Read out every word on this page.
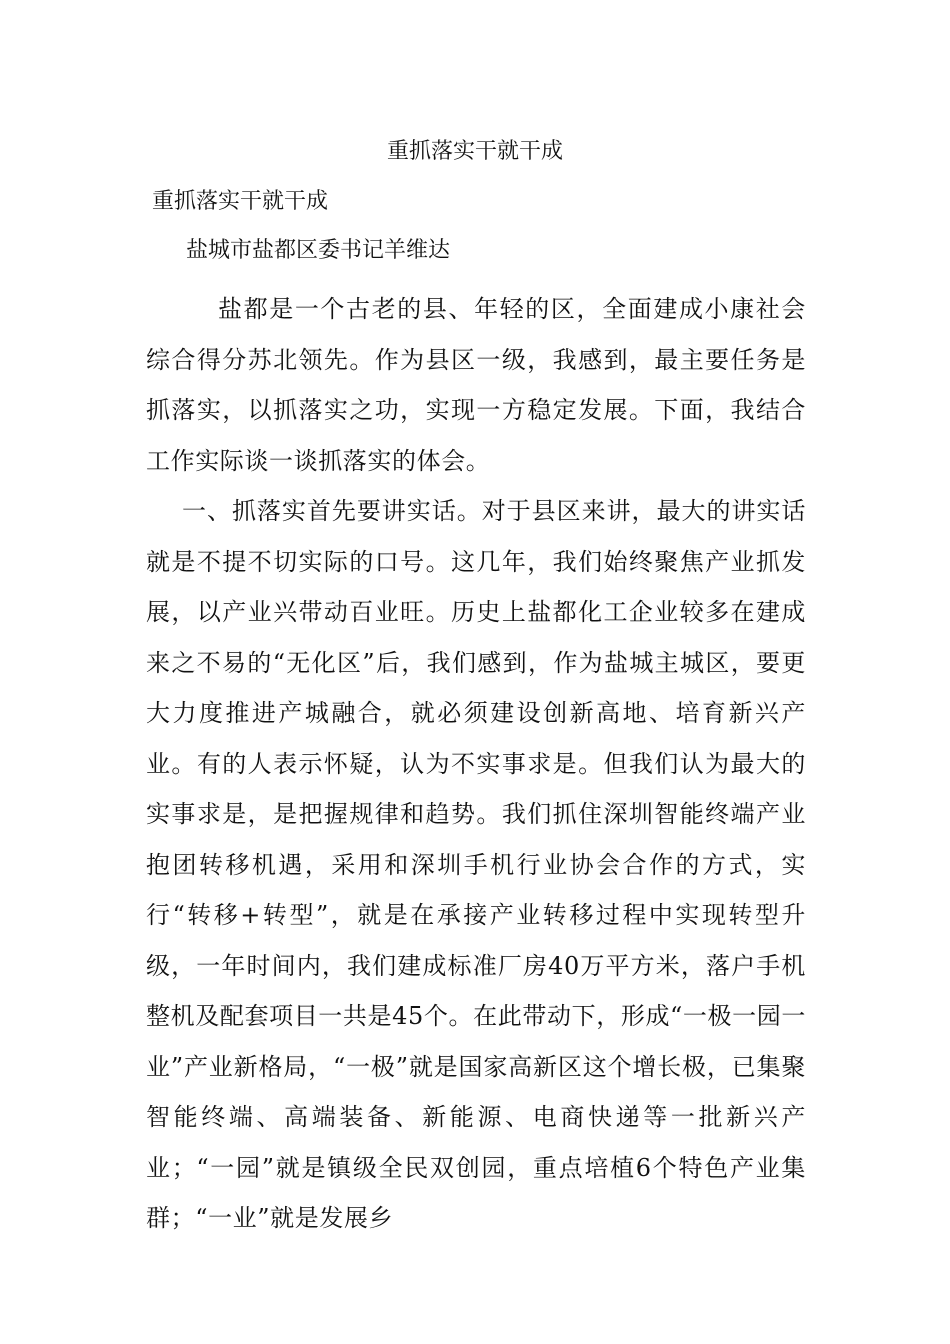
重抓落实干就干成
重抓落实干就干成

盐城市盐都区委书记羊维达

盐都是一个古老的县、年轻的区，全面建成小康社会综合得分苏北领先。作为县区一级，我感到，最主要任务是抓落实，以抓落实之功，实现一方稳定发展。下面，我结合工作实际谈一谈抓落实的体会。

一、抓落实首先要讲实话。对于县区来讲，最大的讲实话就是不提不切实际的口号。这几年，我们始终聚焦产业抓发展，以产业兴带动百业旺。历史上盐都化工企业较多在建成来之不易的“无化区”后，我们感到，作为盐城主城区，要更大力度推进产城融合，就必须建设创新高地、培育新兴产业。有的人表示怀疑，认为不实事求是。但我们认为最大的实事求是，是把握规律和趋势。我们抓住深圳智能终端产业抱团转移机遇，采用和深圳手机行业协会合作的方式，实行“转移+转型”，就是在承接产业转移过程中实现转型升级，一年时间内，我们建成标准厂房40万平方米，落户手机整机及配套项目一共是45个。在此带动下，形成“一极一园一业”产业新格局，“一极”就是国家高新区这个增长极，已集聚智能终端、高端装备、新能源、电商快递等一批新兴产业；“一园”就是镇级全民双创园，重点培植6个特色产业集群；“一业”就是发展乡
